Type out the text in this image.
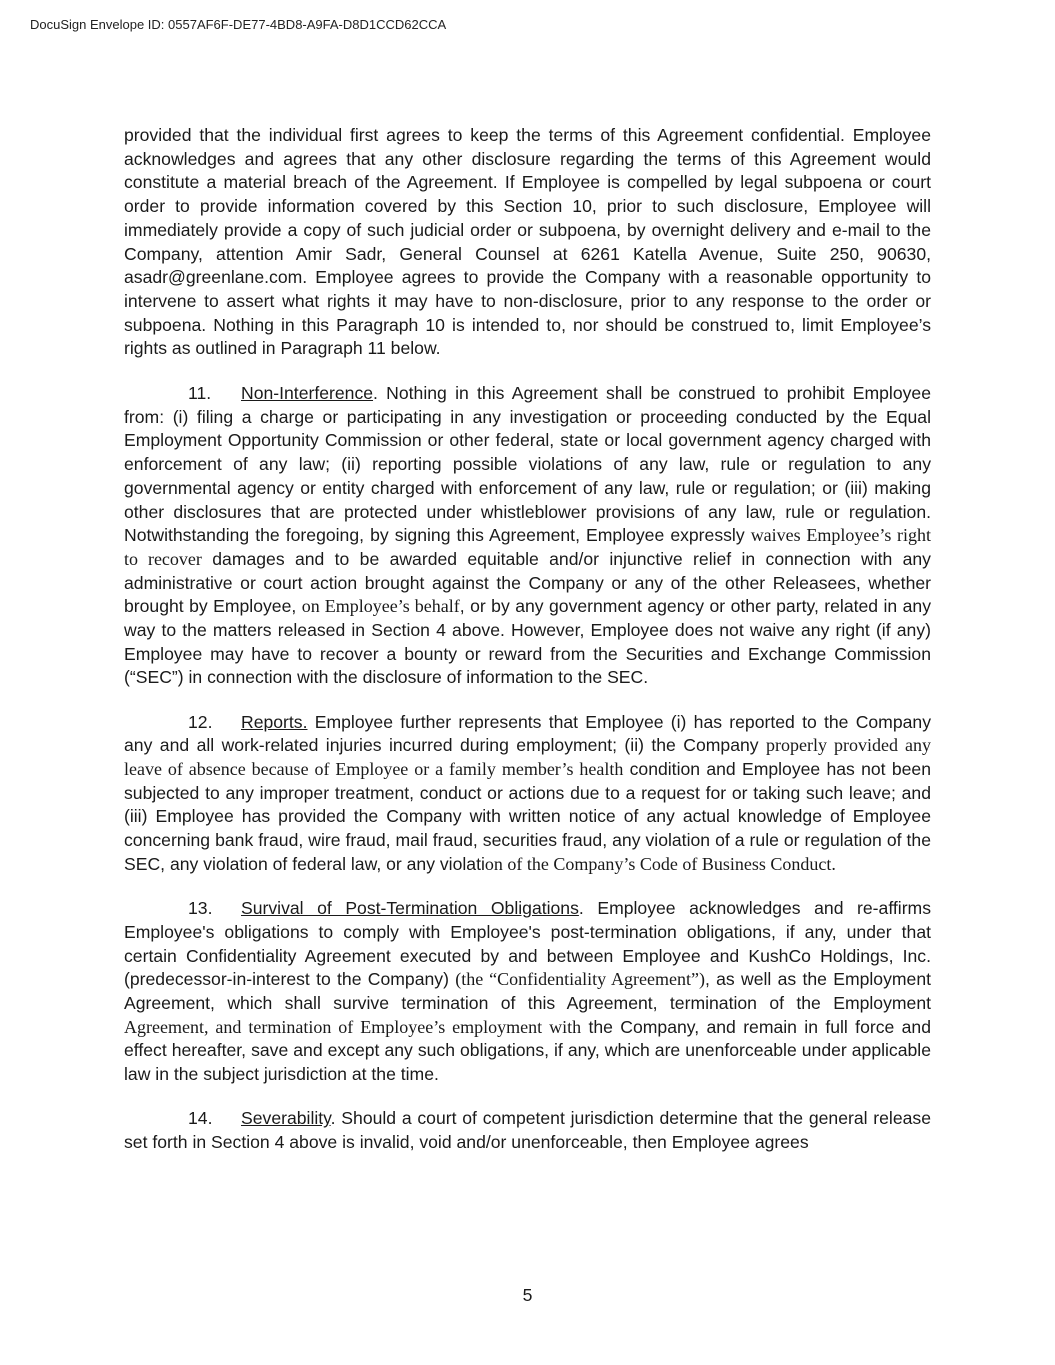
DocuSign Envelope ID: 0557AF6F-DE77-4BD8-A9FA-D8D1CCD62CCA

provided that the individual first agrees to keep the terms of this Agreement confidential. Employee acknowledges and agrees that any other disclosure regarding the terms of this Agreement would constitute a material breach of the Agreement. If Employee is compelled by legal subpoena or court order to provide information covered by this Section 10, prior to such disclosure, Employee will immediately provide a copy of such judicial order or subpoena, by overnight delivery and e-mail to the Company, attention Amir Sadr, General Counsel at 6261 Katella Avenue, Suite 250, 90630, asadr@greenlane.com. Employee agrees to provide the Company with a reasonable opportunity to intervene to assert what rights it may have to non-disclosure, prior to any response to the order or subpoena. Nothing in this Paragraph 10 is intended to, nor should be construed to, limit Employee’s rights as outlined in Paragraph 11 below.

11. Non-Interference. Nothing in this Agreement shall be construed to prohibit Employee from: (i) filing a charge or participating in any investigation or proceeding conducted by the Equal Employment Opportunity Commission or other federal, state or local government agency charged with enforcement of any law; (ii) reporting possible violations of any law, rule or regulation to any governmental agency or entity charged with enforcement of any law, rule or regulation; or (iii) making other disclosures that are protected under whistleblower provisions of any law, rule or regulation. Notwithstanding the foregoing, by signing this Agreement, Employee expressly waives Employee’s right to recover damages and to be awarded equitable and/or injunctive relief in connection with any administrative or court action brought against the Company or any of the other Releasees, whether brought by Employee, on Employee’s behalf, or by any government agency or other party, related in any way to the matters released in Section 4 above. However, Employee does not waive any right (if any) Employee may have to recover a bounty or reward from the Securities and Exchange Commission (“SEC”) in connection with the disclosure of information to the SEC.

12. Reports. Employee further represents that Employee (i) has reported to the Company any and all work-related injuries incurred during employment; (ii) the Company properly provided any leave of absence because of Employee or a family member’s health condition and Employee has not been subjected to any improper treatment, conduct or actions due to a request for or taking such leave; and (iii) Employee has provided the Company with written notice of any actual knowledge of Employee concerning bank fraud, wire fraud, mail fraud, securities fraud, any violation of a rule or regulation of the SEC, any violation of federal law, or any violation of the Company’s Code of Business Conduct.

13. Survival of Post-Termination Obligations. Employee acknowledges and re-affirms Employee's obligations to comply with Employee's post-termination obligations, if any, under that certain Confidentiality Agreement executed by and between Employee and KushCo Holdings, Inc. (predecessor-in-interest to the Company) (the “Confidentiality Agreement”), as well as the Employment Agreement, which shall survive termination of this Agreement, termination of the Employment Agreement, and termination of Employee’s employment with the Company, and remain in full force and effect hereafter, save and except any such obligations, if any, which are unenforceable under applicable law in the subject jurisdiction at the time.

14. Severability. Should a court of competent jurisdiction determine that the general release set forth in Section 4 above is invalid, void and/or unenforceable, then Employee agrees

5
